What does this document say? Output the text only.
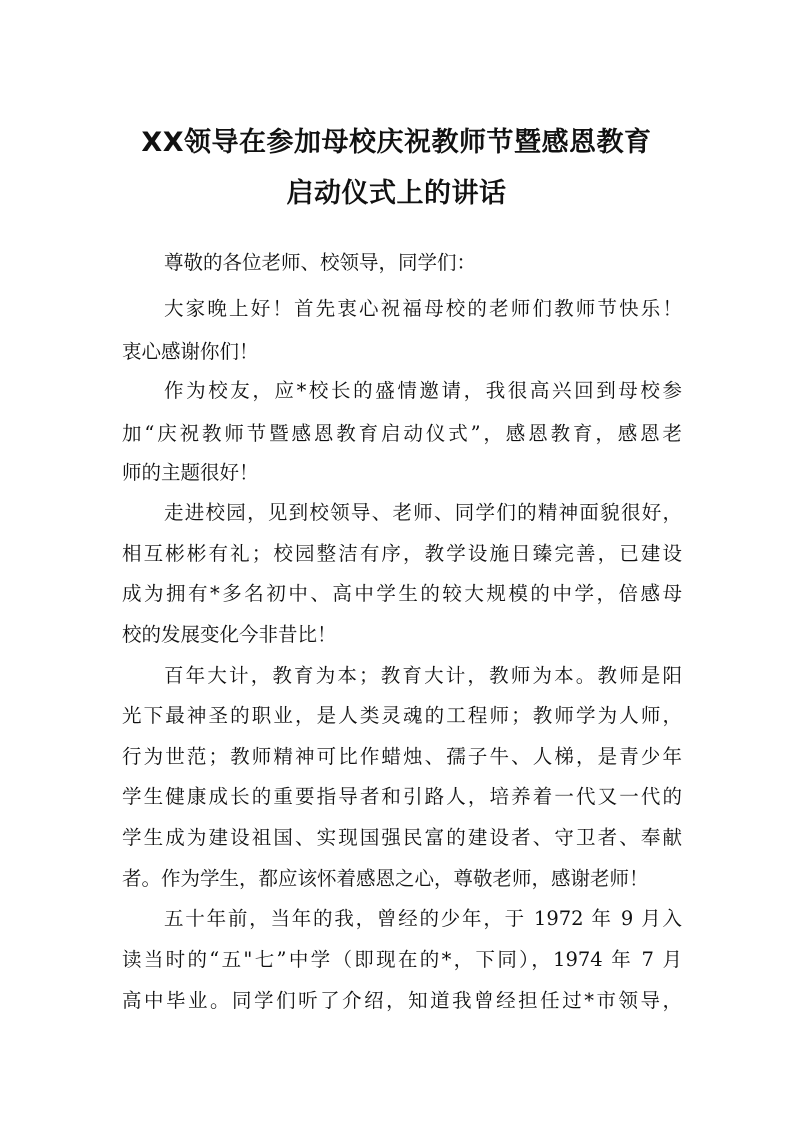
XX领导在参加母校庆祝教师节暨感恩教育
启动仪式上的讲话
尊敬的各位老师、校领导，同学们：
大家晚上好！首先衷心祝福母校的老师们教师节快乐！
衷心感谢你们！
作为校友，应*校长的盛情邀请，我很高兴回到母校参
加“庆祝教师节暨感恩教育启动仪式”，感恩教育，感恩老
师的主题很好！
走进校园，见到校领导、老师、同学们的精神面貌很好，
相互彬彬有礼；校园整洁有序，教学设施日臻完善，已建设
成为拥有*多名初中、高中学生的较大规模的中学，倍感母
校的发展变化今非昔比！
百年大计，教育为本；教育大计，教师为本。教师是阳
光下最神圣的职业，是人类灵魂的工程师；教师学为人师，
行为世范；教师精神可比作蜡烛、孺子牛、人梯，是青少年
学生健康成长的重要指导者和引路人，培养着一代又一代的
学生成为建设祖国、实现国强民富的建设者、守卫者、奉献
者。作为学生，都应该怀着感恩之心，尊敬老师，感谢老师！
五十年前，当年的我，曾经的少年，于 1972 年 9 月入
读当时的“五"七”中学（即现在的*，下同），1974 年 7 月
高中毕业。同学们听了介绍，知道我曾经担任过*市领导，
